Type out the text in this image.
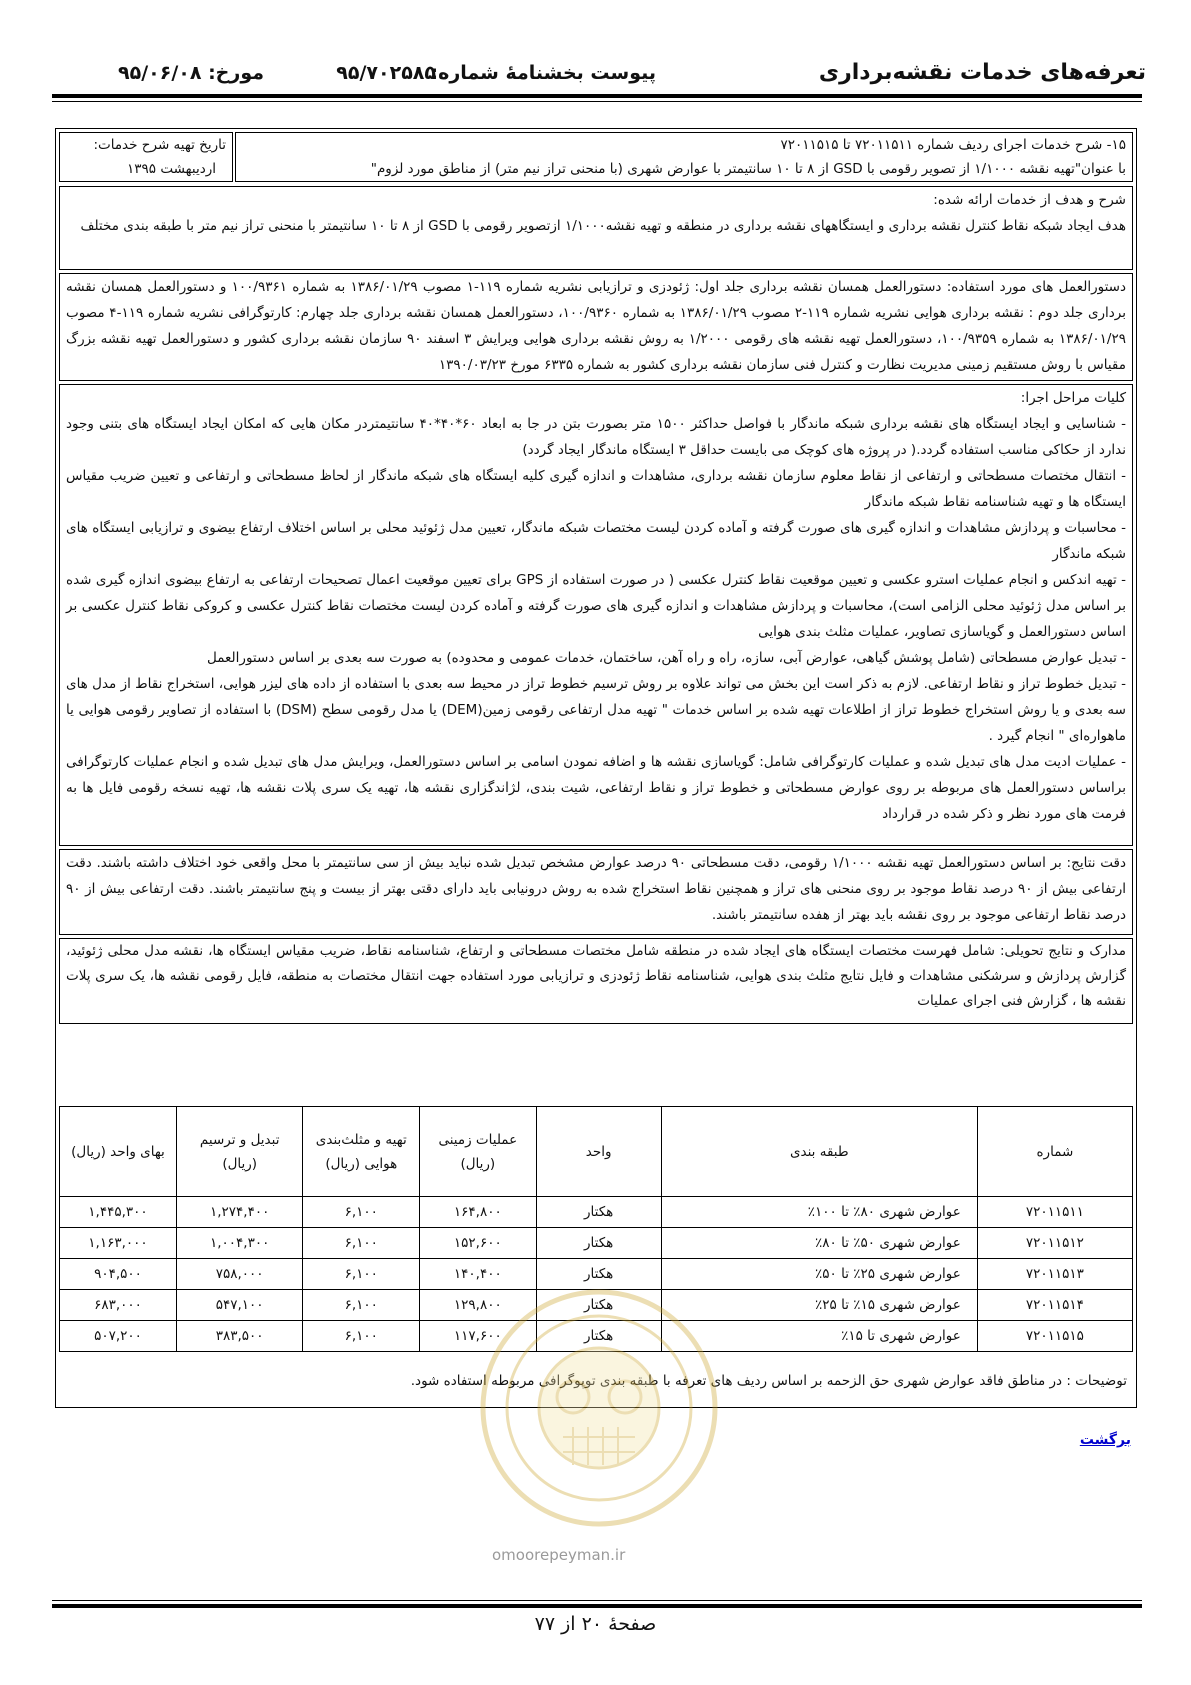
تعرفه‌های خدمات نقشه‌برداری
پیوست بخشنامۀ شماره:
۹۵/۷۰۲۵۸۵
مورخ: ۹۵/۰۶/۰۸

۱۵- شرح خدمات اجرای ردیف شماره ۷۲۰۱۱۵۱۱ تا ۷۲۰۱۱۵۱۵

با عنوان"تهیه نقشه ۱/۱۰۰۰ از تصویر رقومی با GSD از ۸ تا ۱۰ سانتیمتر با عوارض شهری (با منحنی تراز نیم متر) از مناطق مورد لزوم"

تاریخ تهیه شرح خدمات:

اردیبهشت ۱۳۹۵

شرح و هدف از خدمات ارائه شده:

هدف ایجاد شبکه نقاط کنترل نقشه برداری و ایستگاههای نقشه برداری در منطقه و تهیه نقشه۱/۱۰۰۰ ازتصویر رقومی با GSD از ۸ تا ۱۰ سانتیمتر با منحنی تراز نیم متر با طبقه بندی مختلف

دستورالعمل های مورد استفاده: دستورالعمل همسان نقشه برداری جلد اول: ژئودزی و ترازیابی نشریه شماره ۱۱۹-۱ مصوب ۱۳۸۶/۰۱/۲۹ به شماره ۱۰۰/۹۳۶۱ و دستورالعمل همسان نقشه برداری جلد دوم : نقشه برداری هوایی نشریه شماره ۱۱۹-۲ مصوب ۱۳۸۶/۰۱/۲۹ به شماره ۱۰۰/۹۳۶۰، دستورالعمل همسان نقشه برداری جلد چهارم: کارتوگرافی نشریه شماره ۱۱۹-۴ مصوب ۱۳۸۶/۰۱/۲۹ به شماره ۱۰۰/۹۳۵۹، دستورالعمل تهیه نقشه های رقومی ۱/۲۰۰۰ به روش نقشه برداری هوایی ویرایش ۳ اسفند ۹۰ سازمان نقشه برداری کشور و دستورالعمل تهیه نقشه بزرگ مقیاس با روش مستقیم زمینی مدیریت نظارت و کنترل فنی سازمان نقشه برداری کشور به شماره ۶۳۳۵ مورخ ۱۳۹۰/۰۳/۲۳

کلیات مراحل اجرا:

- شناسایی و ایجاد ایستگاه های نقشه برداری شبکه ماندگار با فواصل حداکثر ۱۵۰۰ متر بصورت بتن در جا به ابعاد ۶۰*۴۰*۴۰ سانتیمتردر مکان هایی که امکان ایجاد ایستگاه های بتنی وجود ندارد از حکاکی مناسب استفاده گردد.( در پروژه های کوچک می بایست حداقل ۳ ایستگاه ماندگار ایجاد گردد)

- انتقال مختصات مسطحاتی و ارتفاعی از نقاط معلوم سازمان نقشه برداری، مشاهدات و اندازه گیری کلیه ایستگاه های شبکه ماندگار از لحاظ مسطحاتی و ارتفاعی و تعیین ضریب مقیاس ایستگاه ها و تهیه شناسنامه نقاط شبکه ماندگار

- محاسبات و پردازش مشاهدات و اندازه گیری های صورت گرفته و آماده کردن لیست مختصات شبکه ماندگار، تعیین مدل ژئوئید محلی بر اساس اختلاف ارتفاع بیضوی و ترازیابی ایستگاه های شبکه ماندگار

- تهیه اندکس و انجام عملیات استرو عکسی و تعیین موقعیت نقاط کنترل عکسی ( در صورت استفاده از GPS برای تعیین موقعیت اعمال تصحیحات ارتفاعی به ارتفاع بیضوی اندازه گیری شده بر اساس مدل ژئوئید محلی الزامی است)، محاسبات و پردازش مشاهدات و اندازه گیری های صورت گرفته و آماده کردن لیست مختصات نقاط کنترل عکسی و کروکی نقاط کنترل عکسی بر اساس دستورالعمل و گویاسازی تصاویر، عملیات مثلث بندی هوایی

- تبدیل عوارض مسطحاتی (شامل پوشش گیاهی، عوارض آبی، سازه، راه و راه آهن، ساختمان، خدمات عمومی و محدوده) به صورت سه بعدی بر اساس دستورالعمل

- تبدیل خطوط تراز و نقاط ارتفاعی. لازم به ذکر است این بخش می تواند علاوه بر روش ترسیم خطوط تراز در محیط سه بعدی با استفاده از داده های لیزر هوایی، استخراج نقاط از مدل های سه بعدی و یا روش استخراج خطوط تراز از اطلاعات تهیه شده بر اساس خدمات " تهیه مدل ارتفاعی رقومی زمین(DEM) یا مدل رقومی سطح (DSM) با استفاده از تصاویر رقومی هوایی یا ماهواره‌ای " انجام گیرد .

- عملیات ادیت مدل های تبدیل شده و عملیات کارتوگرافی شامل: گویاسازی نقشه ها و اضافه نمودن اسامی بر اساس دستورالعمل، ویرایش مدل های تبدیل شده و انجام عملیات کارتوگرافی براساس دستورالعمل های مربوطه بر روی عوارض مسطحاتی و خطوط تراز و نقاط ارتفاعی، شیت بندی، لژاندگزاری نقشه ها، تهیه یک سری پلات نقشه ها، تهیه نسخه رقومی فایل ها به فرمت های مورد نظر و ذکر شده در قرارداد

دقت نتایج: بر اساس دستورالعمل تهیه نقشه ۱/۱۰۰۰ رقومی، دقت مسطحاتی ۹۰ درصد عوارض مشخص تبدیل شده نباید بیش از سی سانتیمتر با محل واقعی خود اختلاف داشته باشند. دقت ارتفاعی بیش از ۹۰ درصد نقاط موجود بر روی منحنی های تراز و همچنین نقاط استخراج شده به روش درونیابی باید دارای دقتی بهتر از بیست و پنج سانتیمتر باشند. دقت ارتفاعی بیش از ۹۰ درصد نقاط ارتفاعی موجود بر روی نقشه باید بهتر از هفده سانتیمتر باشند.

مدارک و نتایج تحویلی: شامل فهرست مختصات ایستگاه های ایجاد شده در منطقه شامل مختصات مسطحاتی و ارتفاع، شناسنامه نقاط، ضریب مقیاس ایستگاه ها، نقشه مدل محلی ژئوئید، گزارش پردازش و سرشکنی مشاهدات و فایل نتایج مثلث بندی هوایی، شناسنامه نقاط ژئودزی و ترازیابی مورد استفاده جهت انتقال مختصات به منطقه، فایل رقومی نقشه ها، یک سری پلات نقشه ها ، گزارش فنی اجرای عملیات

شماره	طبقه بندی	واحد	عملیات زمینی (ریال)	تهیه و مثلث‌بندی هوایی (ریال)	تبدیل و ترسیم (ریال)	بهای واحد (ریال)
۷۲۰۱۱۵۱۱	عوارض شهری ۸۰٪ تا ۱۰۰٪	هکتار	۱۶۴,۸۰۰	۶,۱۰۰	۱,۲۷۴,۴۰۰	۱,۴۴۵,۳۰۰
۷۲۰۱۱۵۱۲	عوارض شهری ۵۰٪ تا ۸۰٪	هکتار	۱۵۲,۶۰۰	۶,۱۰۰	۱,۰۰۴,۳۰۰	۱,۱۶۳,۰۰۰
۷۲۰۱۱۵۱۳	عوارض شهری ۲۵٪ تا ۵۰٪	هکتار	۱۴۰,۴۰۰	۶,۱۰۰	۷۵۸,۰۰۰	۹۰۴,۵۰۰
۷۲۰۱۱۵۱۴	عوارض شهری ۱۵٪ تا ۲۵٪	هکتار	۱۲۹,۸۰۰	۶,۱۰۰	۵۴۷,۱۰۰	۶۸۳,۰۰۰
۷۲۰۱۱۵۱۵	عوارض شهری تا ۱۵٪	هکتار	۱۱۷,۶۰۰	۶,۱۰۰	۳۸۳,۵۰۰	۵۰۷,۲۰۰
توضیحات : در مناطق فاقد عوارض شهری حق الزحمه بر اساس ردیف های تعرفه با طبقه بندی توپوگرافی مربوطه استفاده شود.
برگشت
omoorepeyman.ir
صفحهٔ ۲۰ از ۷۷
